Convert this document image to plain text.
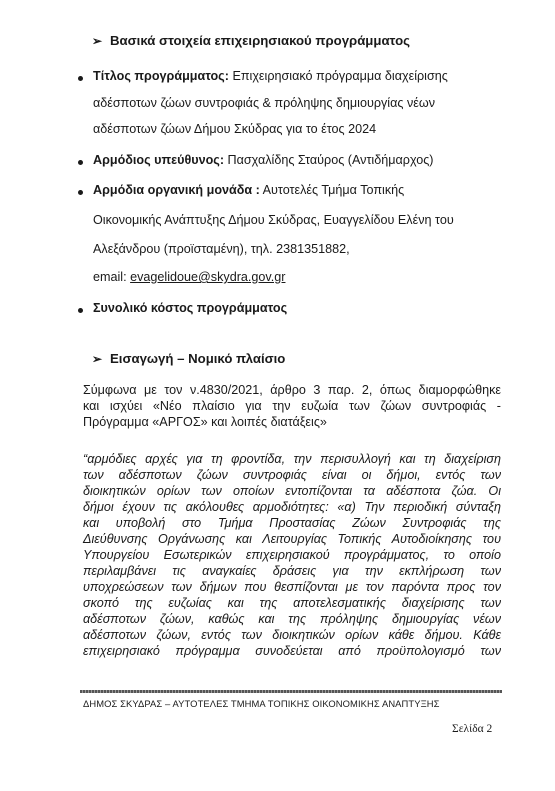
➢ Βασικά στοιχεία επιχειρησιακού προγράμματος
Τίτλος προγράμματος: Επιχειρησιακό πρόγραμμα διαχείρισης
αδέσποτων ζώων συντροφιάς & πρόληψης δημιουργίας νέων
αδέσποτων ζώων Δήμου Σκύδρας για το έτος 2024
Αρμόδιος υπεύθυνος: Πασχαλίδης Σταύρος (Αντιδήμαρχος)
Αρμόδια οργανική μονάδα : Αυτοτελές Τμήμα Τοπικής
Οικονομικής Ανάπτυξης Δήμου Σκύδρας, Ευαγγελίδου Ελένη του
Αλεξάνδρου (προϊσταμένη), τηλ. 2381351882,
email: evagelidoue@skydra.gov.gr
Συνολικό κόστος προγράμματος
➢ Εισαγωγή – Νομικό πλαίσιο
Σύμφωνα με τον ν.4830/2021, άρθρο 3 παρ. 2, όπως διαμορφώθηκε
και ισχύει «Νέο πλαίσιο για την ευζωία των ζώων συντροφιάς -
Πρόγραμμα «ΑΡΓΟΣ» και λοιπές διατάξεις»
“αρμόδιες αρχές για τη φροντίδα, την περισυλλογή και τη διαχείριση
των αδέσποτων ζώων συντροφιάς είναι οι δήμοι, εντός των
διοικητικών ορίων των οποίων εντοπίζονται τα αδέσποτα ζώα. Οι
δήμοι έχουν τις ακόλουθες αρμοδιότητες: «α) Την περιοδική σύνταξη
και υποβολή στο Τμήμα Προστασίας Ζώων Συντροφιάς της
Διεύθυνσης Οργάνωσης και Λειτουργίας Τοπικής Αυτοδιοίκησης του
Υπουργείου Εσωτερικών επιχειρησιακού προγράμματος, το οποίο
περιλαμβάνει τις αναγκαίες δράσεις για την εκπλήρωση των
υποχρεώσεων των δήμων που θεσπίζονται με τον παρόντα προς τον
σκοπό της ευζωίας και της αποτελεσματικής διαχείρισης των
αδέσποτων ζώων, καθώς και της πρόληψης δημιουργίας νέων
αδέσποτων ζώων, εντός των διοικητικών ορίων κάθε δήμου. Κάθε
επιχειρησιακό πρόγραμμα συνοδεύεται από προϋπολογισμό των
ΔΗΜΟΣ ΣΚΥΔΡΑΣ – ΑΥΤΟΤΕΛΕΣ ΤΜΗΜΑ ΤΟΠΙΚΗΣ ΟΙΚΟΝΟΜΙΚΗΣ ΑΝΑΠΤΥΞΗΣ
Σελίδα 2
